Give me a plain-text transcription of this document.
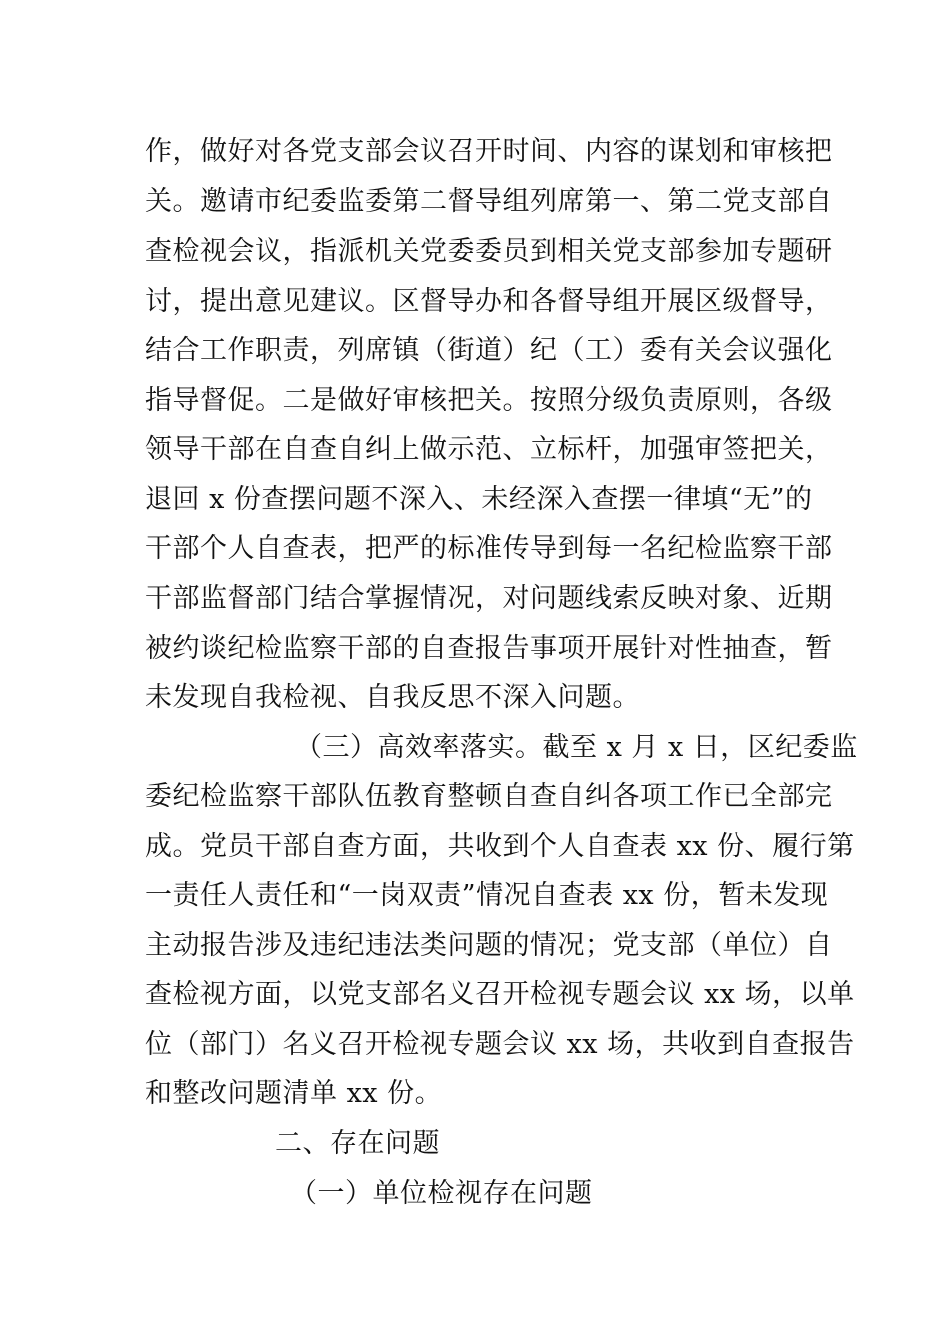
作，做好对各党支部会议召开时间、内容的谋划和审核把
关。邀请市纪委监委第二督导组列席第一、第二党支部自
查检视会议，指派机关党委委员到相关党支部参加专题研
讨，提出意见建议。区督导办和各督导组开展区级督导，
结合工作职责，列席镇（街道）纪（工）委有关会议强化
指导督促。二是做好审核把关。按照分级负责原则，各级
领导干部在自查自纠上做示范、立标杆，加强审签把关，
退回 x 份查摆问题不深入、未经深入查摆一律填“无”的
干部个人自查表，把严的标准传导到每一名纪检监察干部
干部监督部门结合掌握情况，对问题线索反映对象、近期
被约谈纪检监察干部的自查报告事项开展针对性抽查，暂
未发现自我检视、自我反思不深入问题。
（三）高效率落实。截至 x 月 x 日，区纪委监
委纪检监察干部队伍教育整顿自查自纠各项工作已全部完
成。党员干部自查方面，共收到个人自查表 xx 份、履行第
一责任人责任和“一岗双责”情况自查表 xx 份，暂未发现
主动报告涉及违纪违法类问题的情况；党支部（单位）自
查检视方面，以党支部名义召开检视专题会议 xx 场，以单
位（部门）名义召开检视专题会议 xx 场，共收到自查报告
和整改问题清单 xx 份。
二、存在问题
（一）单位检视存在问题
